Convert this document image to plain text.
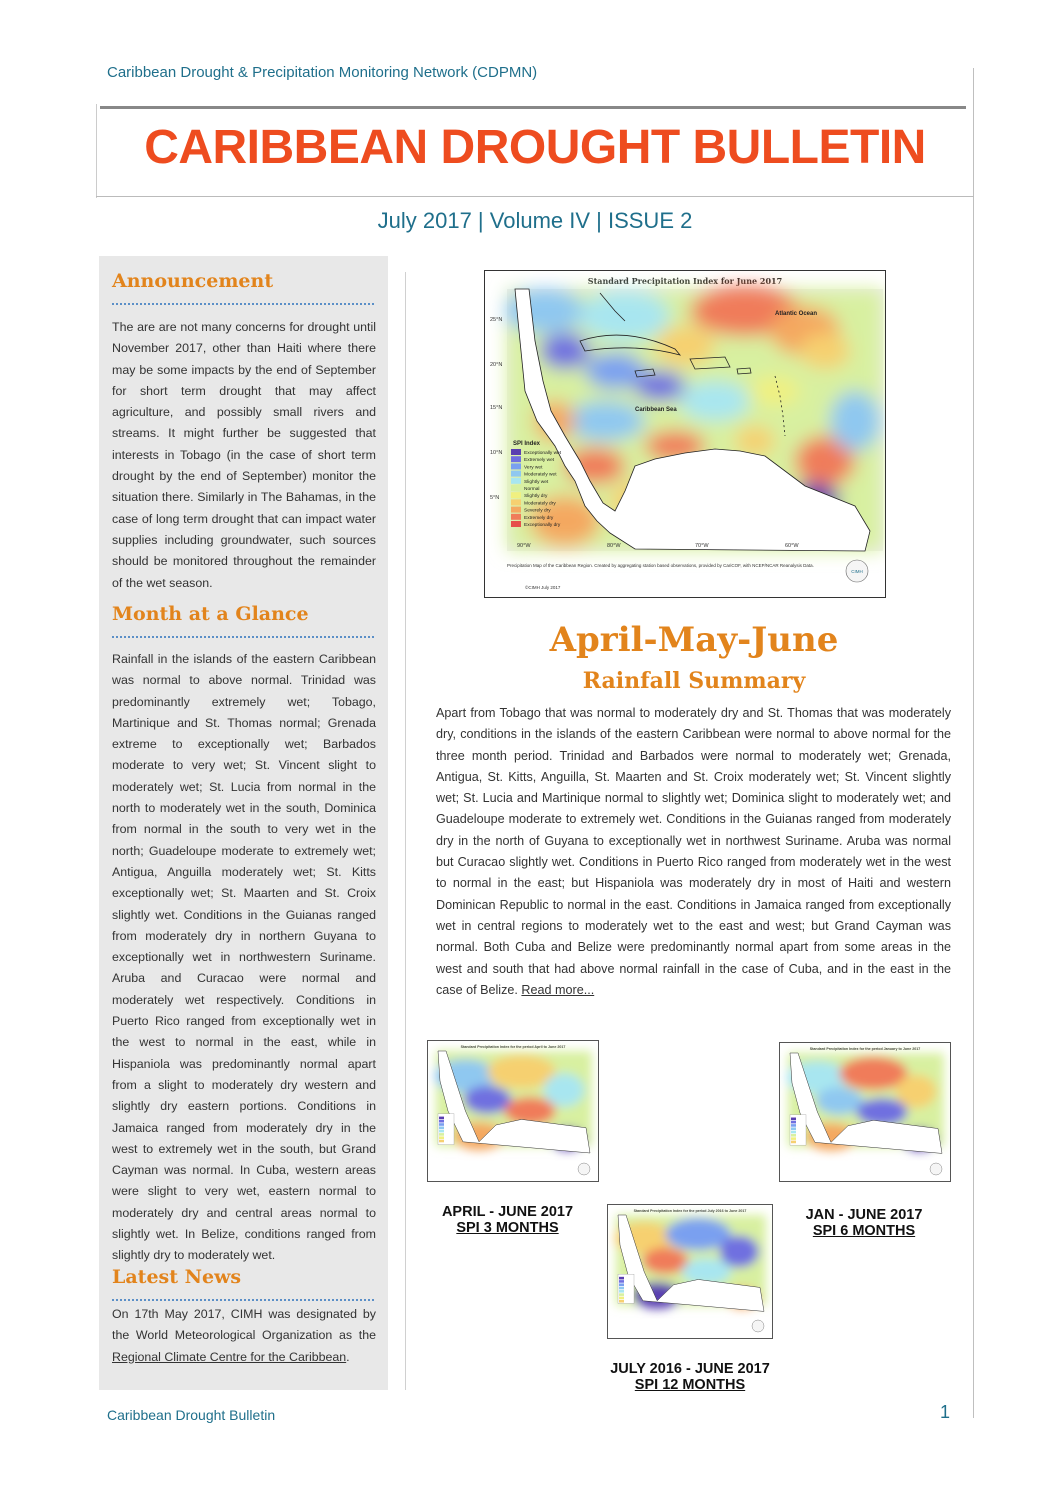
Caribbean Drought & Precipitation Monitoring Network (CDPMN)
CARIBBEAN DROUGHT BULLETIN
July 2017 | Volume IV | ISSUE 2
Announcement
The are are not many concerns for drought until November 2017, other than Haiti where there may be some impacts by the end of September for short term drought that may affect agriculture, and possibly small rivers and streams. It might further be suggested that interests in Tobago (in the case of short term drought by the end of September) monitor the situation there. Similarly in The Bahamas, in the case of long term drought that can impact water supplies including groundwater, such sources should be monitored throughout the remainder of the wet season.
Month at a Glance
Rainfall in the islands of the eastern Caribbean was normal to above normal. Trinidad was predominantly extremely wet; Tobago, Martinique and St. Thomas normal; Grenada extreme to exceptionally wet; Barbados moderate to very wet; St. Vincent slight to moderately wet; St. Lucia from normal in the north to moderately wet in the south, Dominica from normal in the south to very wet in the north; Guadeloupe moderate to extremely wet; Antigua, Anguilla moderately wet; St. Kitts exceptionally wet; St. Maarten and St. Croix slightly wet. Conditions in the Guianas ranged from moderately dry in northern Guyana to exceptionally wet in northwestern Suriname. Aruba and Curacao were normal and moderately wet respectively. Conditions in Puerto Rico ranged from exceptionally wet in the west to normal in the east, while in Hispaniola was predominantly normal apart from a slight to moderately dry western and slightly dry eastern portions. Conditions in Jamaica ranged from moderately dry in the west to extremely wet in the south, but Grand Cayman was normal. In Cuba, western areas were slight to very wet, eastern normal to moderately dry and central areas normal to slightly wet. In Belize, conditions ranged from slightly dry to moderately wet.
Latest News
On 17th May 2017, CIMH was designated by the World Meteorological Organization as the Regional Climate Centre for the Caribbean.
Standard Precipitation Index for June 2017
Atlantic Ocean
Caribbean Sea
25°N
20°N
15°N
10°N
5°N
90°W	80°W	70°W	60°W
SPI Index
Exceptionally wet
Extremely wet
Very wet
Moderately wet
Slightly wet
Normal
Slightly dry
Moderately dry
Severely dry
Extremely dry
Exceptionally dry
Precipitation Map of the Caribbean Region. Created by aggregating station based observations, provided by CariCOF, with NCEP/NCAR Reanalysis Data.
©CIMH July 2017
CIMH
April-May-June
Rainfall Summary
Apart from Tobago that was normal to moderately dry and St. Thomas that was moderately dry, conditions in the islands of the eastern Caribbean were normal to above normal for the three month period. Trinidad and Barbados were normal to moderately wet; Grenada, Antigua, St. Kitts, Anguilla, St. Maarten and St. Croix moderately wet; St. Vincent slightly wet; St. Lucia and Martinique normal to slightly wet; Dominica slight to moderately wet; and Guadeloupe moderate to extremely wet. Conditions in the Guianas ranged from moderately dry in the north of Guyana to exceptionally wet in northwest Suriname. Aruba was normal but Curacao slightly wet. Conditions in Puerto Rico ranged from moderately wet in the west to normal in the east; but Hispaniola was moderately dry in most of Haiti and western Dominican Republic to normal in the east. Conditions in Jamaica ranged from exceptionally wet in central regions to moderately wet to the east and west; but Grand Cayman was normal. Both Cuba and Belize were predominantly normal apart from some areas in the west and south that had above normal rainfall in the case of Cuba, and in the east in the case of Belize. Read more...
Standard Precipitation Index for the period April to June 2017	Standard Precipitation Index for the period January to June 2017
Standard Precipitation Index for the period July 2016 to June 2017
APRIL - JUNE 2017
SPI 3 MONTHS
JAN - JUNE 2017
SPI 6 MONTHS
JULY 2016 - JUNE 2017
SPI 12 MONTHS
Caribbean Drought Bulletin	1
